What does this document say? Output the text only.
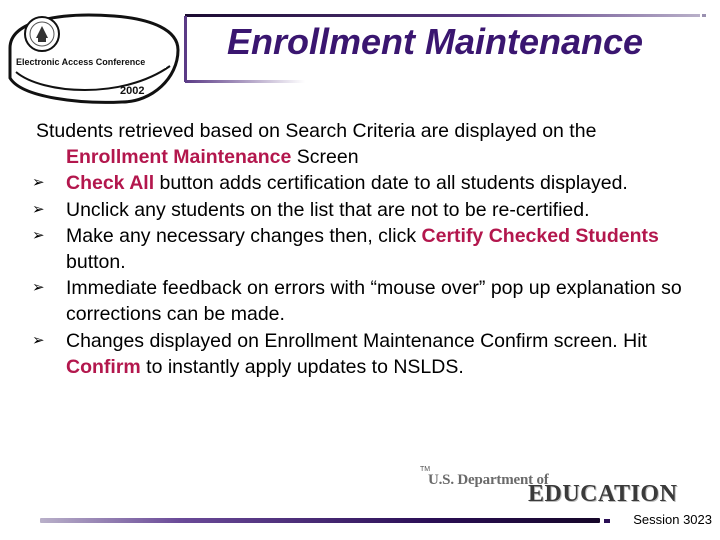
Electronic Access Conference
2002
Enrollment Maintenance

Students retrieved based on Search Criteria are displayed on the Enrollment Maintenance Screen

➢	Check All button adds certification date to all students displayed.
➢	Unclick any students on the list that are not to be re-certified.
➢	Make any necessary changes then, click Certify Checked Students button.
➢	Immediate feedback on errors with “mouse over” pop up explanation so corrections can be made.
➢	Changes displayed on Enrollment Maintenance Confirm screen. Hit Confirm to instantly apply updates to NSLDS.
TM
U.S. Department of
EDUCATION
Session 3023
